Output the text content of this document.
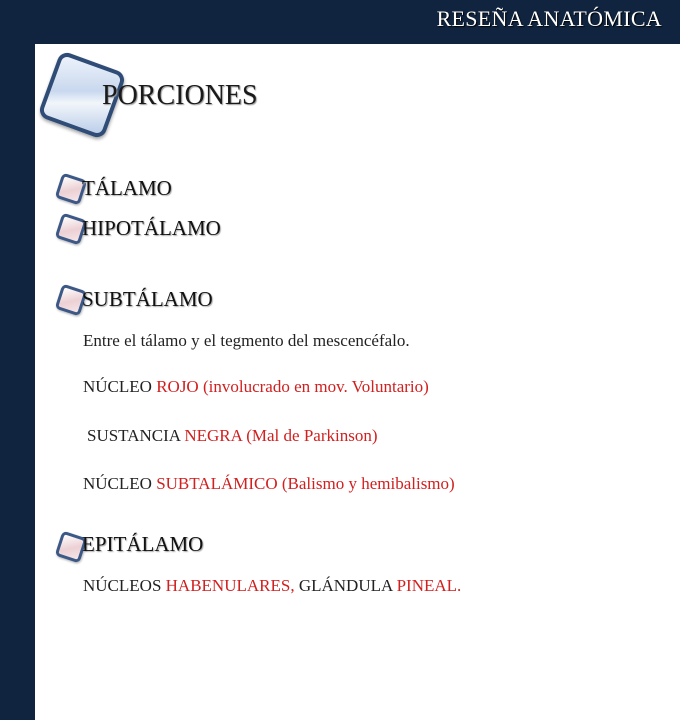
RESEÑA ANATÓMICA
PORCIONES
TÁLAMO
HIPOTÁLAMO
SUBTÁLAMO
Entre el tálamo y el tegmento del mescencéfalo.
NÚCLEO ROJO (involucrado en mov. Voluntario)
SUSTANCIA NEGRA (Mal de Parkinson)
NÚCLEO SUBTALÁMICO (Balismo y hemibalismo)
EPITÁLAMO
NÚCLEOS HABENULARES, GLÁNDULA PINEAL.
